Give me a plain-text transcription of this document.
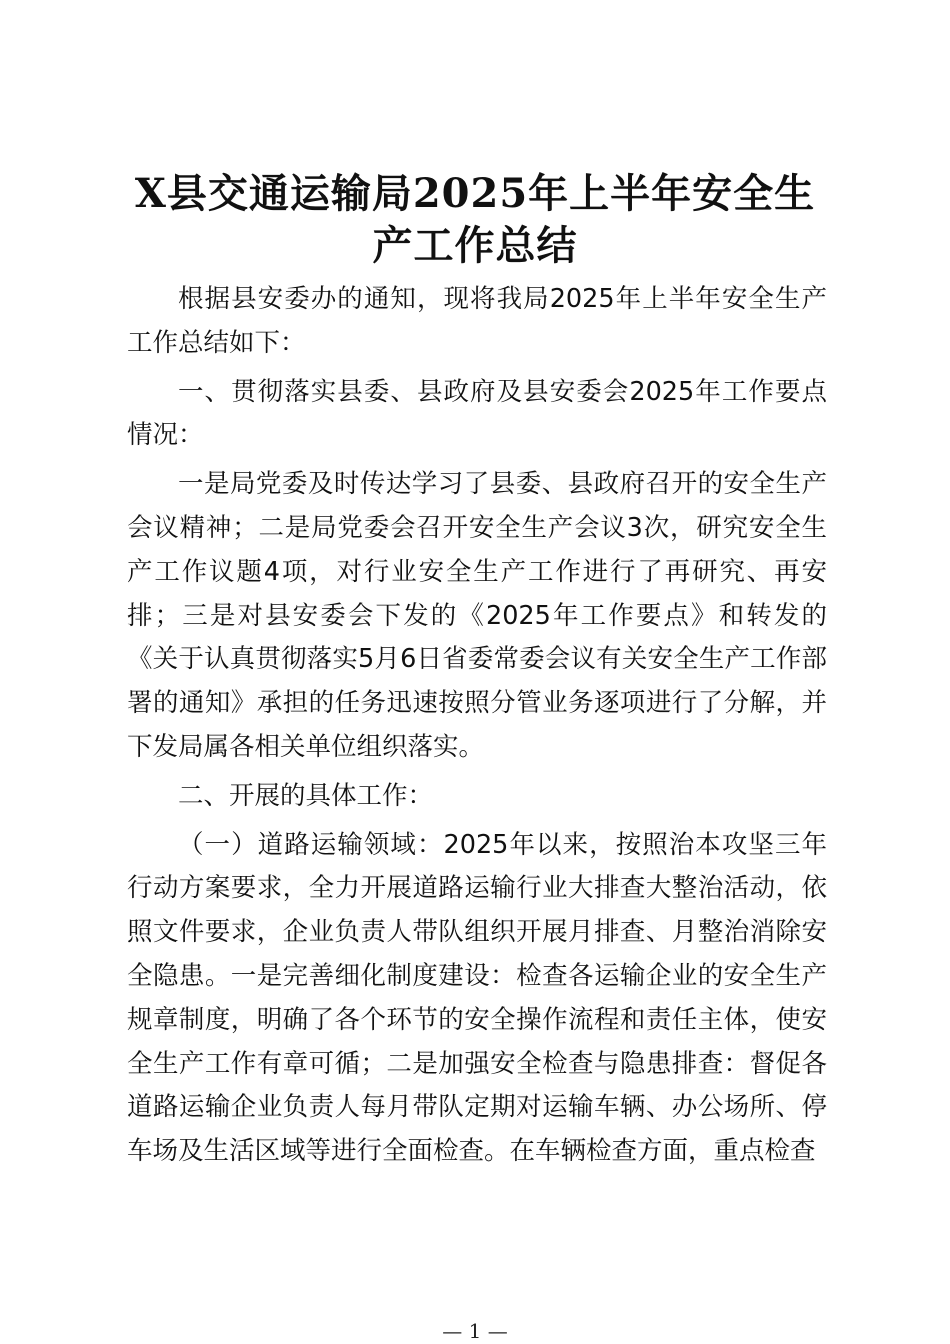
X县交通运输局2025年上半年安全生
产工作总结

根据县安委办的通知，现将我局2025年上半年安全生产工作总结如下：

一、贯彻落实县委、县政府及县安委会2025年工作要点情况：

一是局党委及时传达学习了县委、县政府召开的安全生产会议精神；二是局党委会召开安全生产会议3次，研究安全生产工作议题4项，对行业安全生产工作进行了再研究、再安排；三是对县安委会下发的《2025年工作要点》和转发的《关于认真贯彻落实5月6日省委常委会议有关安全生产工作部署的通知》承担的任务迅速按照分管业务逐项进行了分解，并下发局属各相关单位组织落实。

二、开展的具体工作：

（一）道路运输领域：2025年以来，按照治本攻坚三年行动方案要求，全力开展道路运输行业大排查大整治活动，依照文件要求，企业负责人带队组织开展月排查、月整治消除安全隐患。一是完善细化制度建设：检查各运输企业的安全生产规章制度，明确了各个环节的安全操作流程和责任主体，使安全生产工作有章可循；二是加强安全检查与隐患排查：督促各道路运输企业负责人每月带队定期对运输车辆、办公场所、停车场及生活区域等进行全面检查。在车辆检查方面，重点检查

— 1 —
